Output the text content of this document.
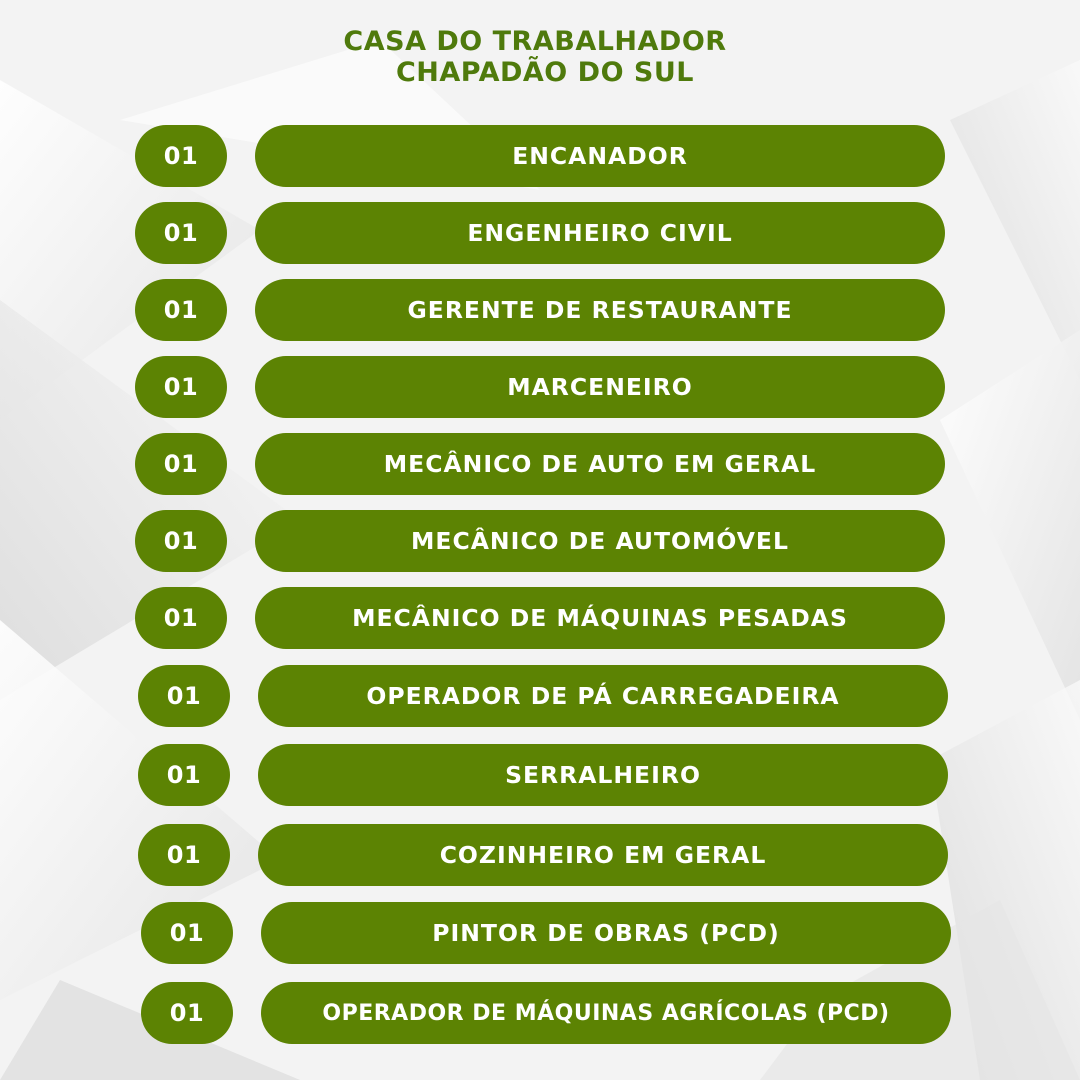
CASA DO TRABALHADOR
CHAPADÃO DO SUL
01	ENCANADOR
01	ENGENHEIRO CIVIL
01	GERENTE DE RESTAURANTE
01	MARCENEIRO
01	MECÂNICO DE AUTO EM GERAL
01	MECÂNICO DE AUTOMÓVEL
01	MECÂNICO DE MÁQUINAS PESADAS
01	OPERADOR DE PÁ CARREGADEIRA
01	SERRALHEIRO
01	COZINHEIRO EM GERAL
01	PINTOR DE OBRAS (PCD)
01	OPERADOR DE MÁQUINAS AGRÍCOLAS (PCD)
